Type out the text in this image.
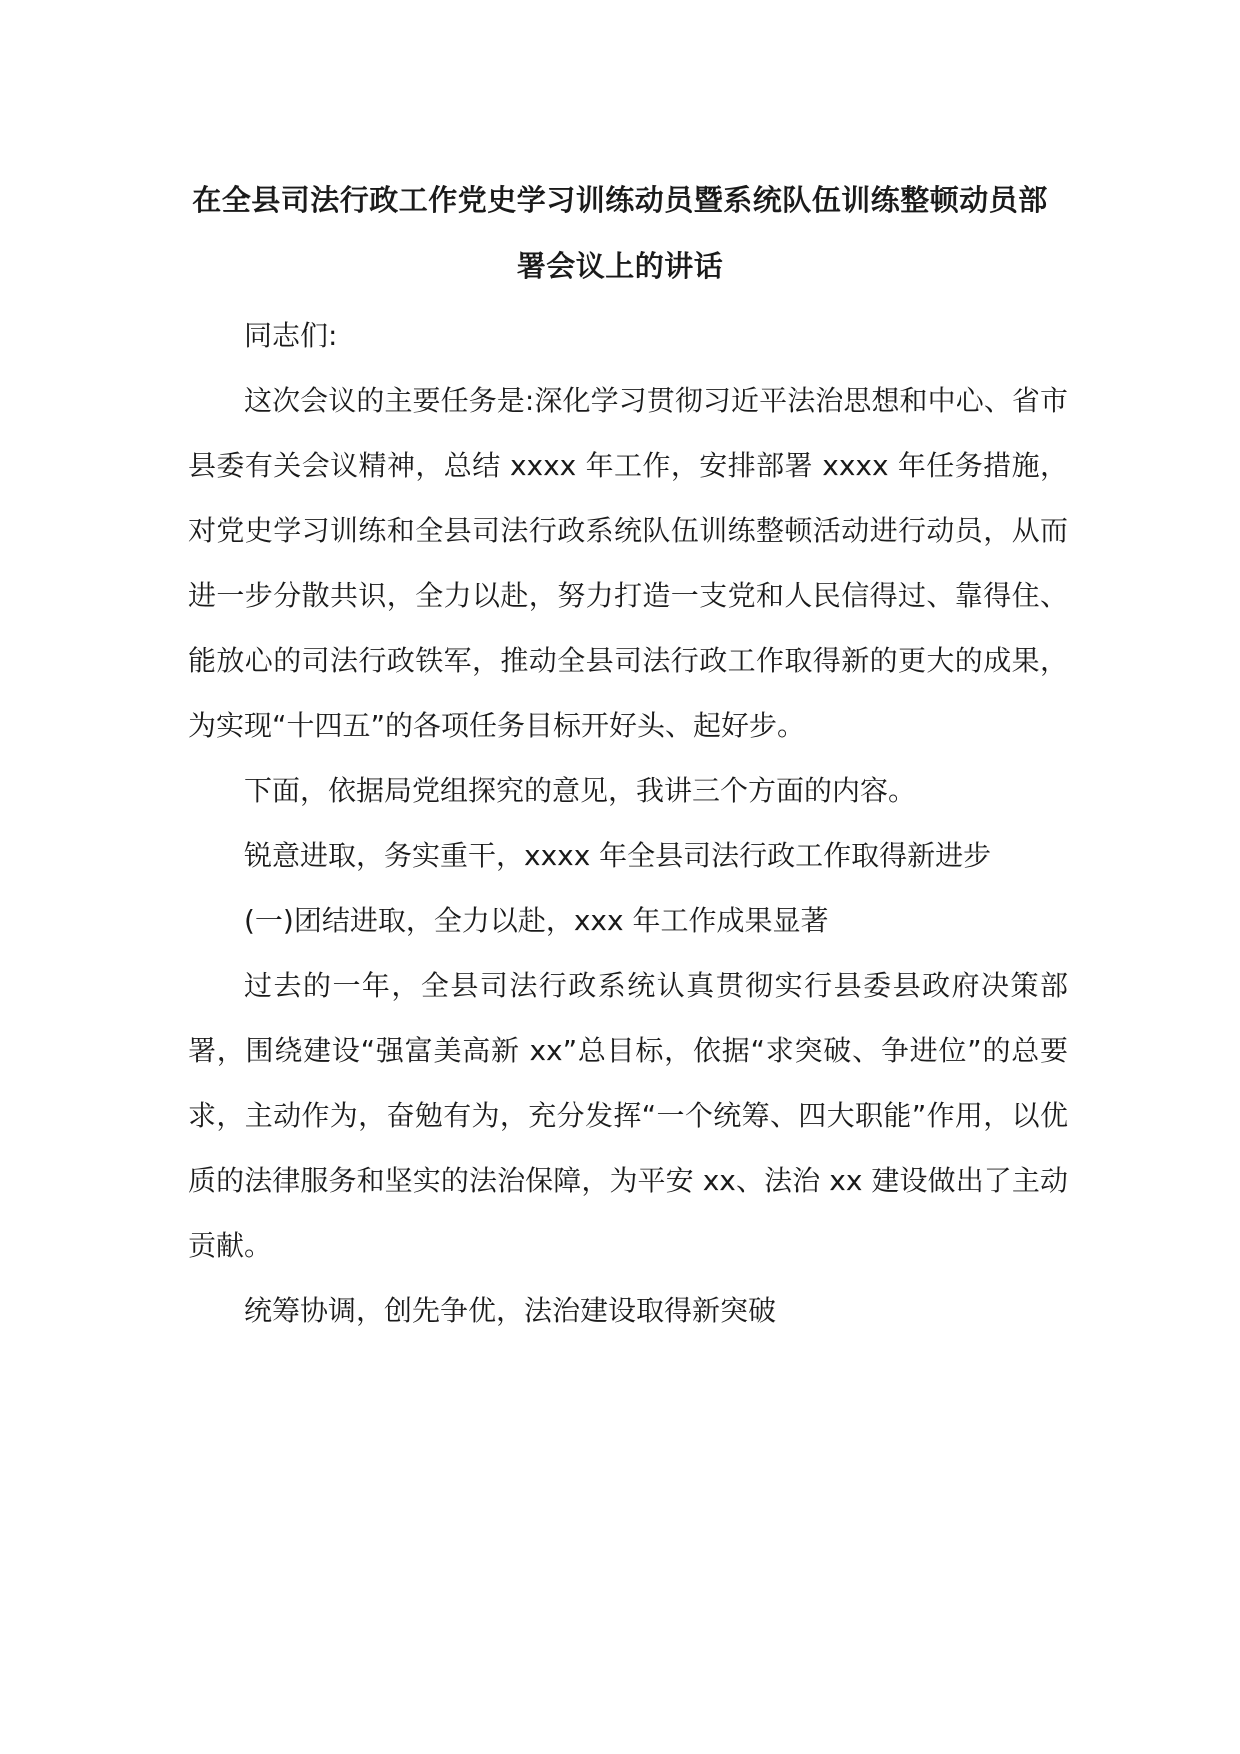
在全县司法行政工作党史学习训练动员暨系统队伍训练整顿动员部
署会议上的讲话

同志们:

这次会议的主要任务是:深化学习贯彻习近平法治思想和中心、省市县委有关会议精神，总结 xxxx 年工作，安排部署 xxxx 年任务措施，对党史学习训练和全县司法行政系统队伍训练整顿活动进行动员，从而进一步分散共识，全力以赴，努力打造一支党和人民信得过、靠得住、能放心的司法行政铁军，推动全县司法行政工作取得新的更大的成果，为实现“十四五”的各项任务目标开好头、起好步。

下面，依据局党组探究的意见，我讲三个方面的内容。

锐意进取，务实重干，xxxx 年全县司法行政工作取得新进步

(一)团结进取，全力以赴，xxx 年工作成果显著

过去的一年，全县司法行政系统认真贯彻实行县委县政府决策部署，围绕建设“强富美高新 xx”总目标，依据“求突破、争进位”的总要求，主动作为，奋勉有为，充分发挥“一个统筹、四大职能”作用，以优质的法律服务和坚实的法治保障，为平安 xx、法治 xx 建设做出了主动贡献。

统筹协调，创先争优，法治建设取得新突破
